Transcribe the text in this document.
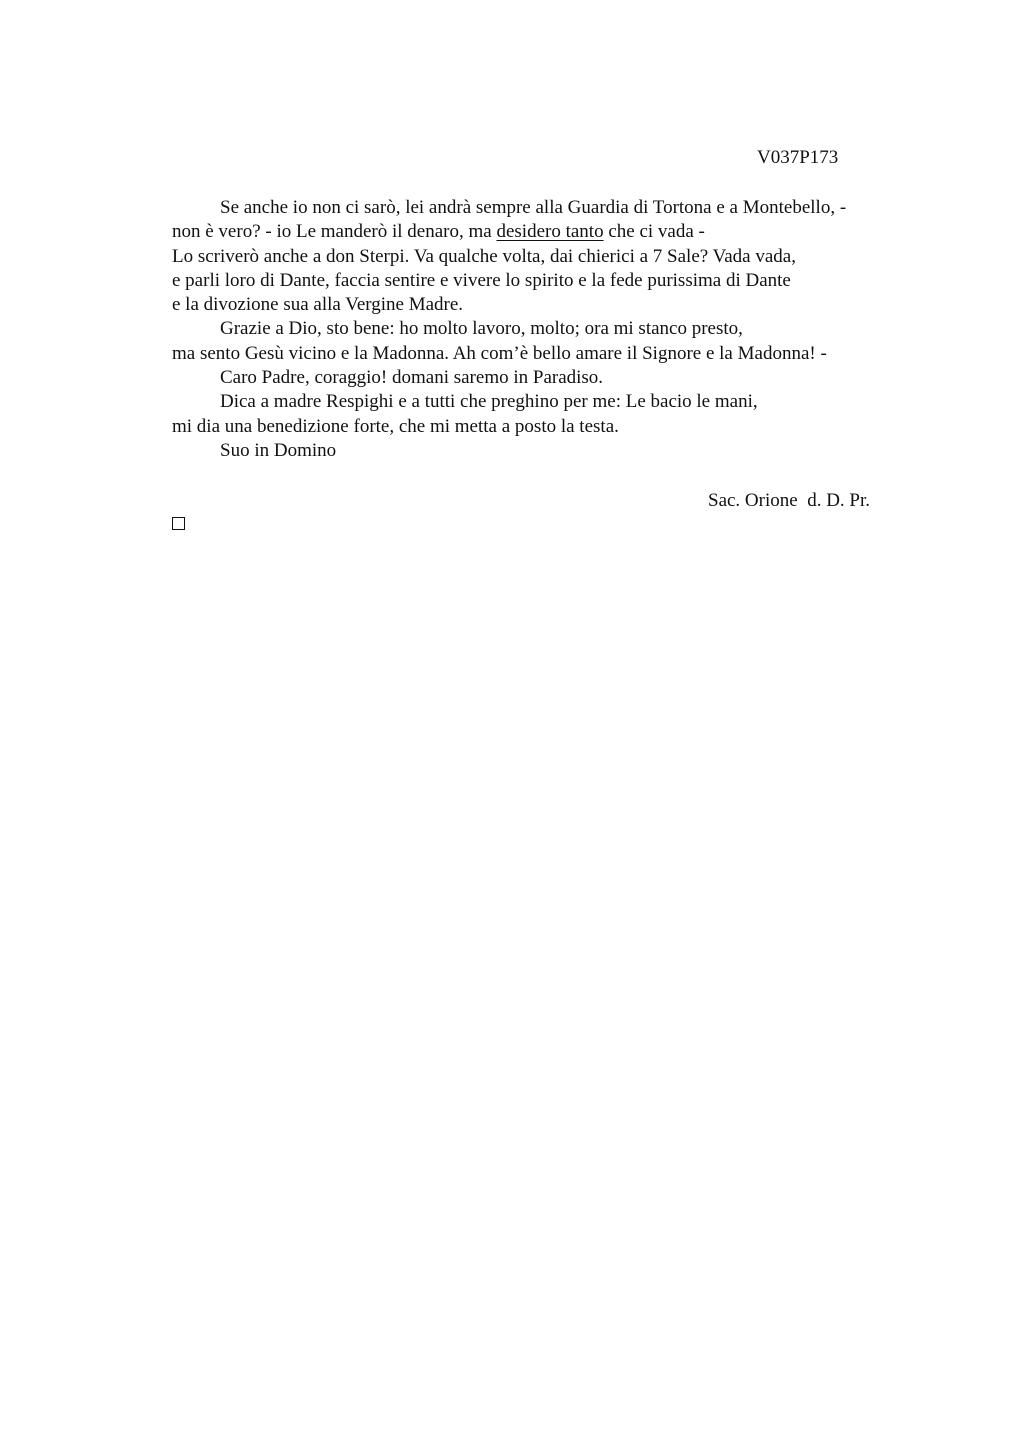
V037P173
Se anche io non ci sarò, lei andrà sempre alla Guardia di Tortona e a Montebello, -
non è vero? - io Le manderò il denaro, ma desidero tanto che ci vada -
Lo scriverò anche a don Sterpi. Va qualche volta, dai chierici a 7 Sale? Vada vada,
e parli loro di Dante, faccia sentire e vivere lo spirito e la fede purissima di Dante
e la divozione sua alla Vergine Madre.
Grazie a Dio, sto bene: ho molto lavoro, molto; ora mi stanco presto,
ma sento Gesù vicino e la Madonna. Ah com’è bello amare il Signore e la Madonna! -
Caro Padre, coraggio! domani saremo in Paradiso.
Dica a madre Respighi e a tutti che preghino per me: Le bacio le mani,
mi dia una benedizione forte, che mi metta a posto la testa.
Suo in Domino
Sac. Orione  d. D. Pr.
